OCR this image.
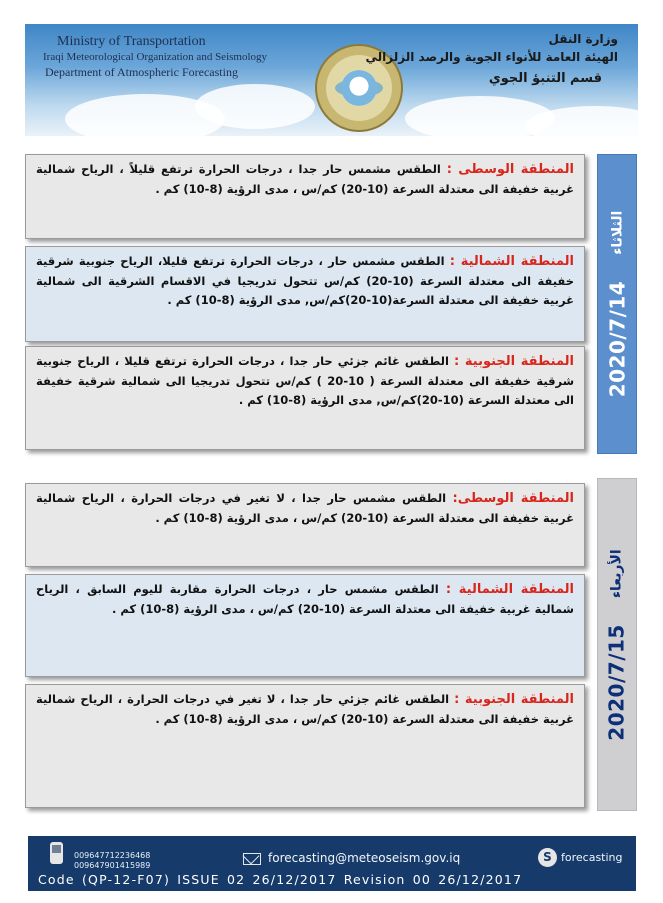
Ministry of Transportation
Iraqi Meteorological Organization and Seismology
Department of Atmospheric Forecasting
وزارة النقل
الهيئة العامة للأنواء الجوية والرصد الزلزالي
قسم التنبؤ الجوي
المنطقة الوسطى : الطقس مشمس حار جدا ، درجات الحرارة ترتفع قليلاً ، الرياح شمالية غربية خفيفة الى معتدلة السرعة (10-20) كم/س ، مدى الرؤية (8-10) كم .
المنطقة الشمالية : الطقس مشمس حار ، درجات الحرارة ترتفع قليلا، الرياح جنوبية شرقية خفيفة الى معتدلة السرعة (10-20) كم/س تتحول تدريجيا في الاقسام الشرقية الى شمالية غربية خفيفة الى معتدلة السرعة(10-20)كم/س, مدى الرؤية (8-10) كم .
المنطقة الجنوبية : الطقس غائم جزئي حار جدا ، درجات الحرارة ترتفع قليلا ، الرياح جنوبية شرقية خفيفة الى معتدلة السرعة ( 10-20 ) كم/س تتحول تدريجيا الى شمالية شرقية خفيفة الى معتدلة السرعة (10-20)كم/س, مدى الرؤية (8-10) كم .
2020/7/14
الثلاثاء
المنطقة الوسطى: الطقس مشمس حار جدا ، لا تغير في درجات الحرارة ، الرياح شمالية غربية خفيفة الى معتدلة السرعة (10-20) كم/س ، مدى الرؤية (8-10) كم .
المنطقة الشمالية : الطقس مشمس حار ، درجات الحرارة مقاربة لليوم السابق ، الرياح شمالية غربية خفيفة الى معتدلة السرعة (10-20) كم/س ، مدى الرؤية (8-10) كم .
المنطقة الجنوبية : الطقس غائم جزئي حار جدا ، لا تغير في درجات الحرارة ، الرياح شمالية غربية خفيفة الى معتدلة السرعة (10-20) كم/س ، مدى الرؤية (8-10) كم .	2020/7/15
الأربعاء
009647712236468
009647901415989
forecasting@meteoseism.gov.iq	S forecasting
Code (QP-12-F07) ISSUE 02 26/12/2017 Revision 00 26/12/2017
